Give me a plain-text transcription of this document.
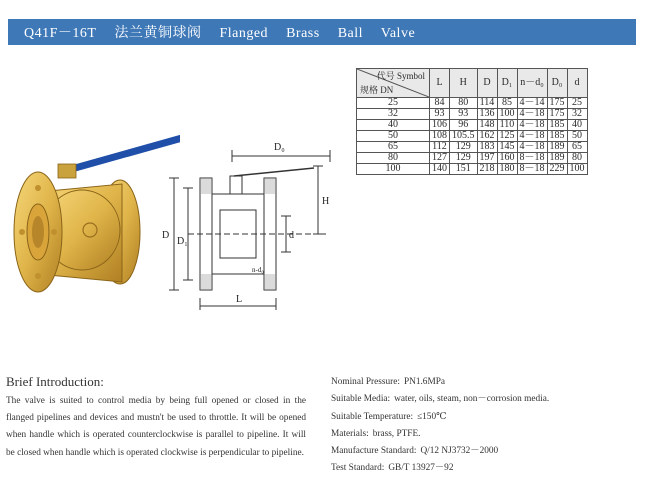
Q41F－16T 法兰黄铜球阀 Flanged Brass Ball Valve
D₀
H
D
D₁
d
n-d₀
L
代号 Symbol
规格 DN	L	H	D	D₁	n－d₀	D₀	d
25	84	80	114	85	4－14	175	25
32	93	93	136	100	4－18	175	32
40	106	96	148	110	4－18	185	40
50	108	105.5	162	125	4－18	185	50
65	112	129	183	145	4－18	189	65
80	127	129	197	160	8－18	189	80
100	140	151	218	180	8－18	229	100
Brief Introduction:
The valve is suited to control media by being full opened or closed in the flanged pipelines and devices and mustn't be used to throttle. It will be opened when handle which is operated counterclockwise is parallel to pipeline. It will be closed when handle which is operated clockwise is perpendicular to pipeline.
Nominal Pressure: PN1.6MPa
Suitable Media: water, oils, steam, non－corrosion media.
Suitable Temperature: ≤150℃
Materials: brass, PTFE.
Manufacture Standard: Q/12 NJ3732－2000
Test Standard: GB/T 13927－92
